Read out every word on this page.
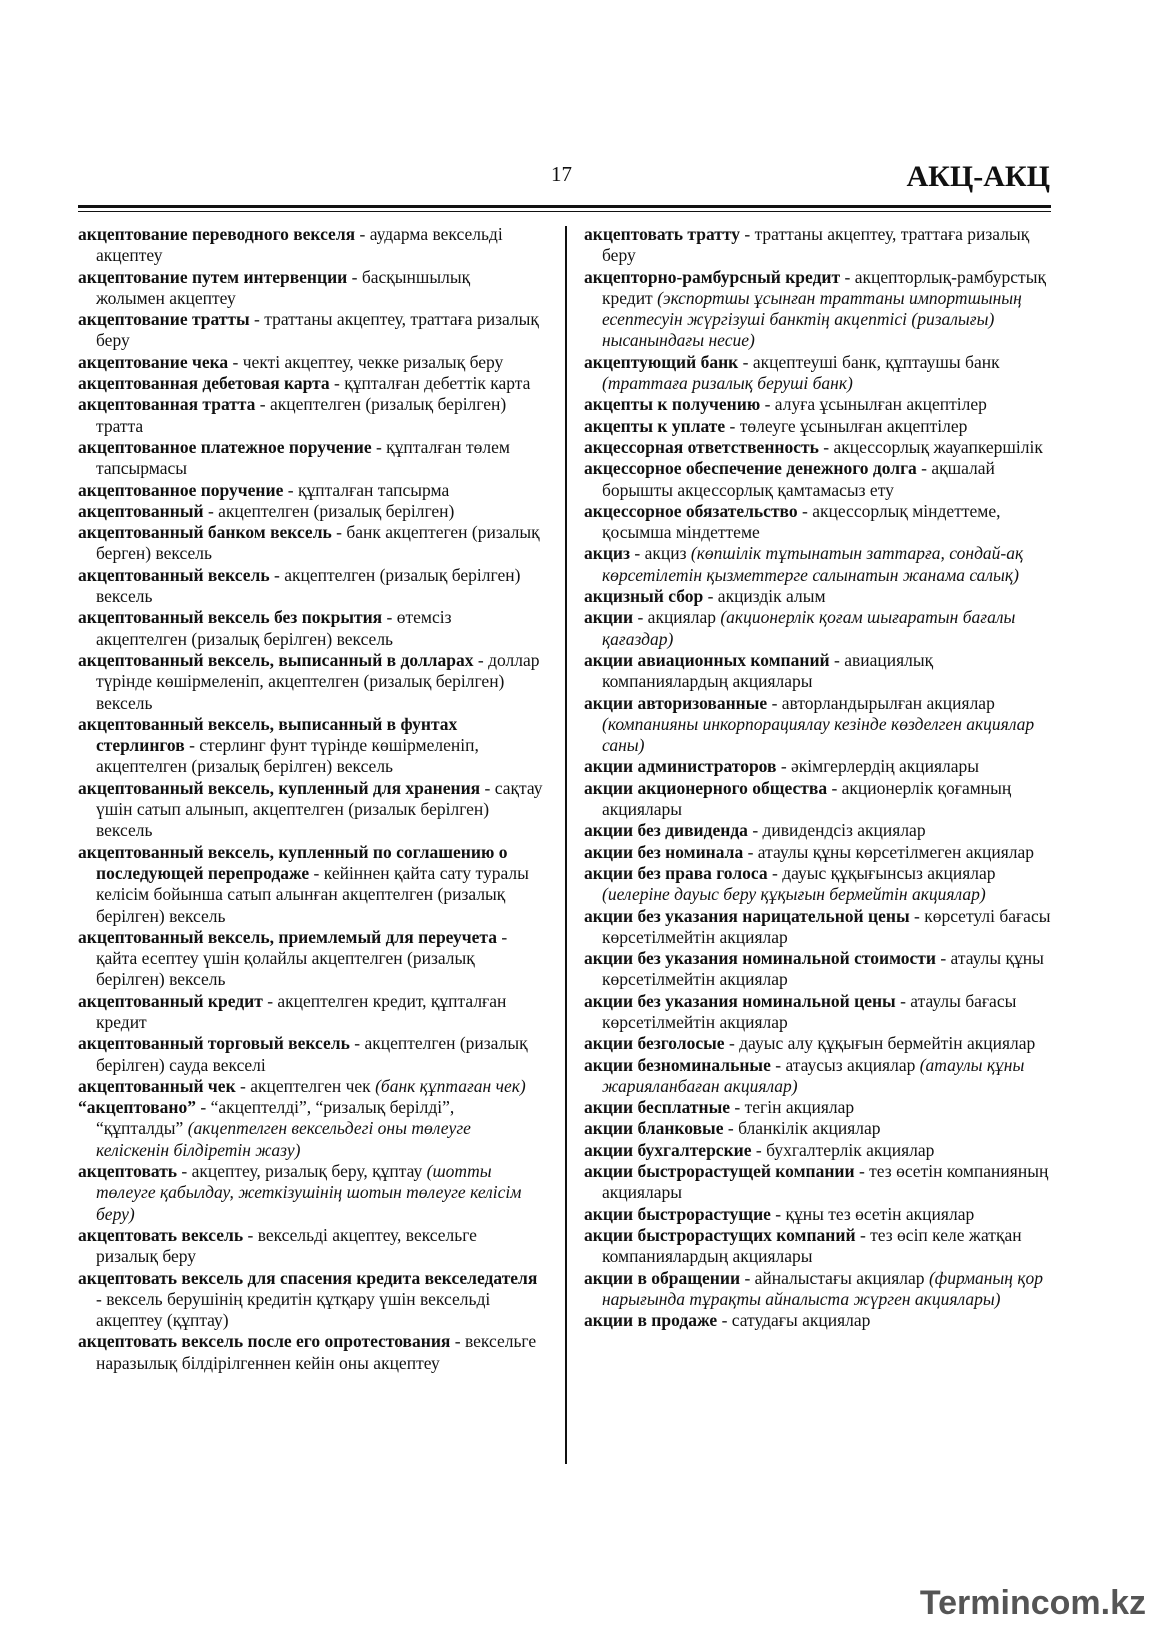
17	АКЦ-АКЦ

акцептование переводного векселя - аударма вексельді акцептеу

акцептование путем интервенции - басқыншылық жолымен акцептеу

акцептование тратты - траттаны акцептеу, траттаға ризалық беру

акцептование чека - чекті акцептеу, чекке ризалық беру

акцептованная дебетовая карта - құпталған дебеттік карта

акцептованная тратта - акцептелген (ризалық берілген) тратта

акцептованное платежное поручение - құпталған төлем тапсырмасы

акцептованное поручение - құпталған тапсырма

акцептованный - акцептелген (ризалық берілген)

акцептованный банком вексель - банк акцептеген (ризалық берген) вексель

акцептованный вексель - акцептелген (ризалық берілген) вексель

акцептованный вексель без покрытия - өтемсіз акцептелген (ризалық берілген) вексель

акцептованный вексель, выписанный в долларах - доллар түрінде көшірмеленіп, акцептелген (ризалық берілген) вексель

акцептованный вексель, выписанный в фунтах стерлингов - стерлинг фунт түрінде көшірмеленіп, акцептелген (ризалық берілген) вексель

акцептованный вексель, купленный для хранения - сақтау үшін сатып алынып, акцептелген (ризалык берілген) вексель

акцептованный вексель, купленный по соглашению о последующей перепродаже - кейіннен қайта сату туралы келісім бойынша сатып алынған акцептелген (ризалық берілген) вексель

акцептованный вексель, приемлемый для переучета - қайта есептеу үшін қолайлы акцептелген (ризалық берілген) вексель

акцептованный кредит - акцептелген кредит, құпталған кредит

акцептованный торговый вексель - акцептелген (ризалық берілген) сауда вексeлі

акцептованный чек - акцептелген чек (банк құптаған чек)

“акцептовано” - “акцептелді”, “ризалық берілді”, “құпталды” (акцептелген вексельдегі оны төлеуге келіскенін білдіретін жазу)

акцептовать - акцептеу, ризалық беру, құптау (шотты төлеуге қабылдау, жеткізушінің шотын төлеуге келісім беру)

акцептовать вексель - вексельді акцептеу, вексельге ризалық беру

акцептовать вексель для спасения кредита векселедателя - вексель берушінің кредитін құтқару үшін вексельді акцептеу (құптау)

акцептовать вексель после его опротестования - вексельге наразылық білдірілгеннен кейін оны акцептеу

акцептовать тратту - траттаны акцептеу, траттаға ризалық беру

акцепторно-рамбурсный кредит - акцепторлық-рамбурстық кредит (экспортшы ұсынған траттаны импортшының есептесуін жүргізуші банктің акцептісі (ризалығы) нысанындағы несие)

акцептующий банк - акцептеуші банк, құптаушы банк (траттаға ризалық беруші банк)

акцепты к получению - алуға ұсынылған акцептілер

акцепты к уплате - төлеуге ұсынылған акцептілер

акцессорная ответственность - акцессорлық жауапкершілік

акцессорное обеспечение денежного долга - ақшалай борышты акцессорлық қамтамасыз ету

акцессорное обязательство - акцессорлық міндеттеме, қосымша міндеттеме

акциз - акциз (көпшілік тұтынатын заттарға, сондай-ақ көрсетілетін қызметтерге салынатын жанама салық)

акцизный сбор - акциздік алым

акции - акциялар (акционерлік қоғам шығаратын бағалы қағаздар)

акции авиационных компаний - авиациялық компаниялардың акциялары

акции авторизованные - авторландырылған акциялар (компанияны инкорпорациялау кезінде көзделген акциялар саны)

акции администраторов - әкімгерлердің акциялары

акции акционерного общества - акционерлік қоғамның акциялары

акции без дивиденда - дивидендсіз акциялар

акции без номинала - атаулы құны көрсетілмеген акциялар

акции без права голоса - дауыс құқығынсыз акциялар (иелеріне дауыс беру құқығын бермейтін акциялар)

акции без указания нарицательной цены - көрсетулі бағасы көрсетілмейтін акциялар

акции без указания номинальной стоимости - атаулы құны көрсетілмейтін акциялар

акции без указания номинальной цены - атаулы бағасы көрсетілмейтін акциялар

акции безголосые - дауыс алу құқығын бермейтін акциялар

акции безноминальные - атаусыз акциялар (атаулы құны жарияланбаған акциялар)

акции бесплатные - тегін акциялар

акции бланковые - бланкілік акциялар

акции бухгалтерские - бухгалтерлік акциялар

акции быстрорастущей компании - тез өсетін компанияның акциялары

акции быстрорастущие - құны тез өсетін акциялар

акции быстрорастущих компаний - тез өсіп келе жатқан компаниялардың акциялары

акции в обращении - айналыстағы акциялар (фирманың қор нарығында тұрақты айналыста жүрген акциялары)

акции в продаже - сатудағы акциялар

Termincom.kz
